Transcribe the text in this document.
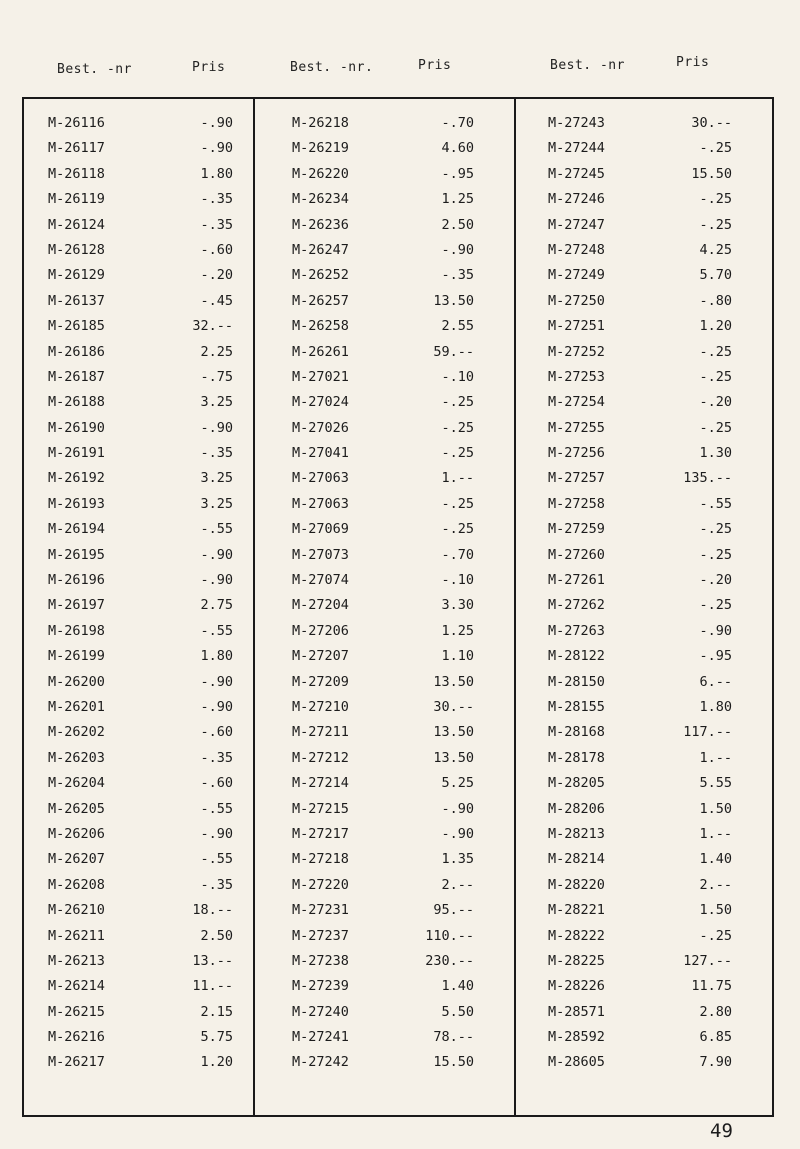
Best. -nr	Pris	Best. -nr.	Pris	Best. -nr	Pris
M-26116	-.90
M-26117	-.90
M-26118	1.80
M-26119	-.35
M-26124	-.35
M-26128	-.60
M-26129	-.20
M-26137	-.45
M-26185	32.--
M-26186	2.25
M-26187	-.75
M-26188	3.25
M-26190	-.90
M-26191	-.35
M-26192	3.25
M-26193	3.25
M-26194	-.55
M-26195	-.90
M-26196	-.90
M-26197	2.75
M-26198	-.55
M-26199	1.80
M-26200	-.90
M-26201	-.90
M-26202	-.60
M-26203	-.35
M-26204	-.60
M-26205	-.55
M-26206	-.90
M-26207	-.55
M-26208	-.35
M-26210	18.--
M-26211	2.50
M-26213	13.--
M-26214	11.--
M-26215	2.15
M-26216	5.75
M-26217	1.20
M-26218	-.70
M-26219	4.60
M-26220	-.95
M-26234	1.25
M-26236	2.50
M-26247	-.90
M-26252	-.35
M-26257	13.50
M-26258	2.55
M-26261	59.--
M-27021	-.10
M-27024	-.25
M-27026	-.25
M-27041	-.25
M-27063	1.--
M-27063	-.25
M-27069	-.25
M-27073	-.70
M-27074	-.10
M-27204	3.30
M-27206	1.25
M-27207	1.10
M-27209	13.50
M-27210	30.--
M-27211	13.50
M-27212	13.50
M-27214	5.25
M-27215	-.90
M-27217	-.90
M-27218	1.35
M-27220	2.--
M-27231	95.--
M-27237	110.--
M-27238	230.--
M-27239	1.40
M-27240	5.50
M-27241	78.--
M-27242	15.50
M-27243	30.--
M-27244	-.25
M-27245	15.50
M-27246	-.25
M-27247	-.25
M-27248	4.25
M-27249	5.70
M-27250	-.80
M-27251	1.20
M-27252	-.25
M-27253	-.25
M-27254	-.20
M-27255	-.25
M-27256	1.30
M-27257	135.--
M-27258	-.55
M-27259	-.25
M-27260	-.25
M-27261	-.20
M-27262	-.25
M-27263	-.90
M-28122	-.95
M-28150	6.--
M-28155	1.80
M-28168	117.--
M-28178	1.--
M-28205	5.55
M-28206	1.50
M-28213	1.--
M-28214	1.40
M-28220	2.--
M-28221	1.50
M-28222	-.25
M-28225	127.--
M-28226	11.75
M-28571	2.80
M-28592	6.85
M-28605	7.90
49
